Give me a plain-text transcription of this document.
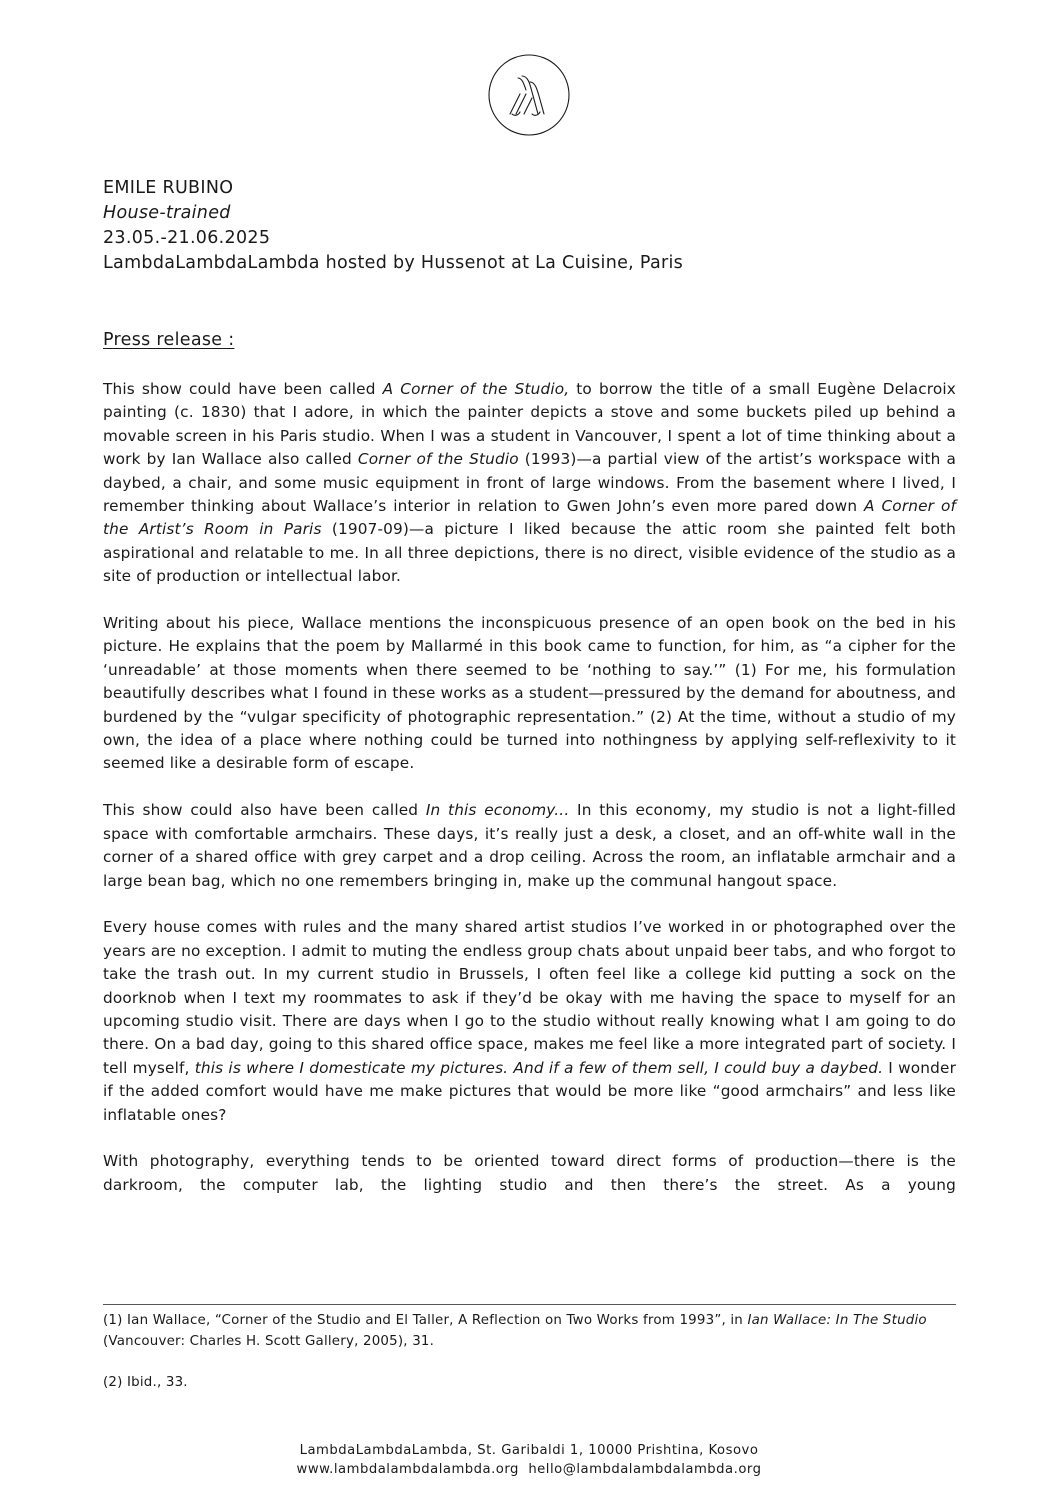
EMILE RUBINO
House-trained
23.05.-21.06.2025
LambdaLambdaLambda hosted by Hussenot at La Cuisine, Paris
Press release :

This show could have been called A Corner of the Studio, to borrow the title of a small Eugène Delacroix painting (c. 1830) that I adore, in which the painter depicts a stove and some buckets piled up behind a movable screen in his Paris studio. When I was a student in Vancouver, I spent a lot of time thinking about a work by Ian Wallace also called Corner of the Studio (1993)—a partial view of the artist’s workspace with a daybed, a chair, and some music equipment in front of large windows. From the basement where I lived, I remember thinking about Wallace’s interior in relation to Gwen John’s even more pared down A Corner of the Artist’s Room in Paris (1907-09)—a picture I liked because the attic room she painted felt both aspirational and relatable to me. In all three depictions, there is no direct, visible evidence of the studio as a site of production or intellectual labor.

Writing about his piece, Wallace mentions the inconspicuous presence of an open book on the bed in his picture. He explains that the poem by Mallarmé in this book came to function, for him, as “a cipher for the ‘unreadable’ at those moments when there seemed to be ‘nothing to say.’” (1) For me, his formulation beautifully describes what I found in these works as a student—pressured by the demand for aboutness, and burdened by the “vulgar specificity of photographic representation.” (2) At the time, without a studio of my own, the idea of a place where nothing could be turned into nothingness by applying self-reflexivity to it seemed like a desirable form of escape.

This show could also have been called In this economy... In this economy, my studio is not a light-filled space with comfortable armchairs. These days, it’s really just a desk, a closet, and an off-white wall in the corner of a shared office with grey carpet and a drop ceiling. Across the room, an inflatable armchair and a large bean bag, which no one remembers bringing in, make up the communal hangout space.

Every house comes with rules and the many shared artist studios I’ve worked in or photographed over the years are no exception. I admit to muting the endless group chats about unpaid beer tabs, and who forgot to take the trash out. In my current studio in Brussels, I often feel like a college kid putting a sock on the doorknob when I text my roommates to ask if they’d be okay with me having the space to myself for an upcoming studio visit. There are days when I go to the studio without really knowing what I am going to do there. On a bad day, going to this shared office space, makes me feel like a more integrated part of society. I tell myself, this is where I domesticate my pictures. And if a few of them sell, I could buy a daybed. I wonder if the added comfort would have me make pictures that would be more like “good armchairs” and less like inflatable ones?

With photography, everything tends to be oriented toward direct forms of production—there is the darkroom, the computer lab, the lighting studio and then there’s the street. As a young

(1) Ian Wallace, “Corner of the Studio and El Taller, A Reflection on Two Works from 1993”, in Ian Wallace: In The Studio (Vancouver: Charles H. Scott Gallery, 2005), 31.

(2) Ibid., 33.

LambdaLambdaLambda, St. Garibaldi 1, 10000 Prishtina, Kosovo
www.lambdalambdalambda.org hello@lambdalambdalambda.org
